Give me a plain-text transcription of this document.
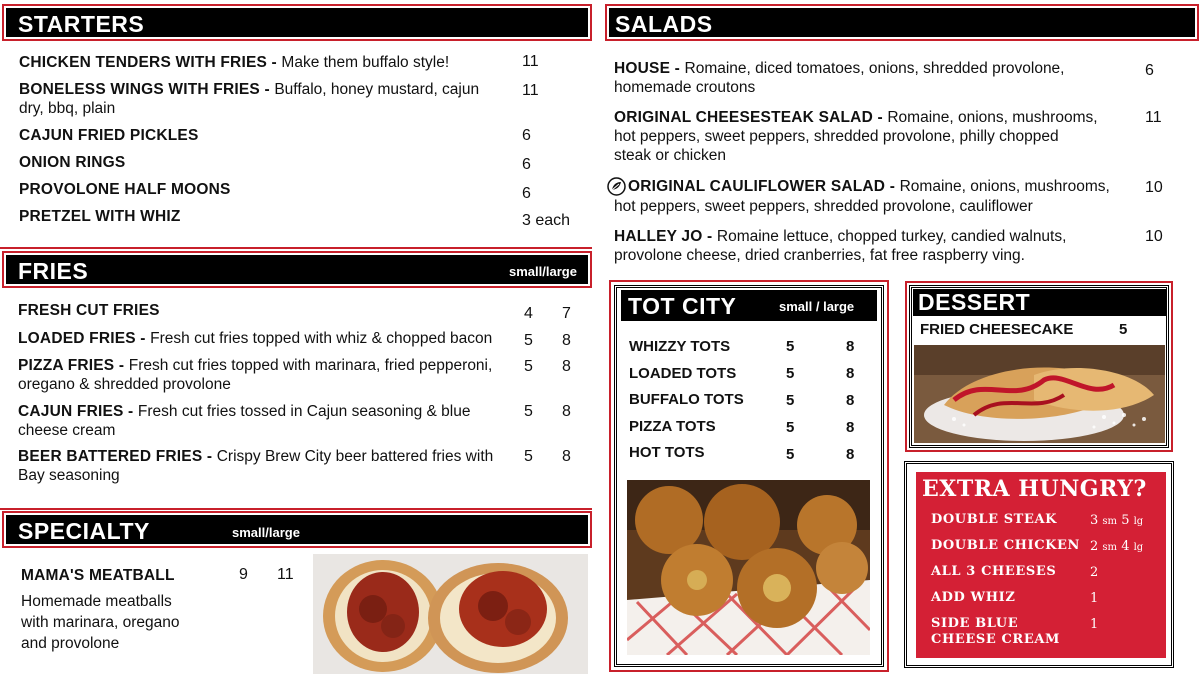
STARTERS
CHICKEN TENDERS WITH FRIES - Make them buffalo style!	11
BONELESS WINGS WITH FRIES - Buffalo, honey mustard, cajun
dry, bbq, plain
11
CAJUN FRIED PICKLES	6
ONION RINGS	6
PROVOLONE HALF MOONS	6
PRETZEL WITH WHIZ	3 each
FRIES	small/large
FRESH CUT FRIES	4 7
LOADED FRIES - Fresh cut fries topped with whiz & chopped bacon	5 8
PIZZA FRIES - Fresh cut fries topped with marinara, fried pepperoni,
oregano & shredded provolone
5 8
CAJUN FRIES - Fresh cut fries tossed in Cajun seasoning & blue
cheese cream
5 8
BEER BATTERED FRIES - Crispy Brew City beer battered fries with
Bay seasoning
5 8
SPECIALTY	small/large
MAMA'S MEATBALL
Homemade meatballs
with marinara, oregano
and provolone
9 11
SALADS
HOUSE - Romaine, diced tomatoes, onions, shredded provolone,
homemade croutons
6
ORIGINAL CHEESESTEAK SALAD - Romaine, onions, mushrooms,
hot peppers, sweet peppers, shredded provolone, philly chopped
steak or chicken
11
ORIGINAL CAULIFLOWER SALAD - Romaine, onions, mushrooms,
hot peppers, sweet peppers, shredded provolone, cauliflower
10
HALLEY JO - Romaine lettuce, chopped turkey, candied walnuts,
provolone cheese, dried cranberries, fat free raspberry ving.
10
TOT CITY	small / large
WHIZZY TOTS	5	8
LOADED TOTS	5	8
BUFFALO TOTS	5	8
PIZZA TOTS	5	8
HOT TOTS	5	8
DESSERT
FRIED CHEESECAKE	5
EXTRA HUNGRY?
DOUBLE STEAK	3 sm 5 lg
DOUBLE CHICKEN 2 sm 4 lg
ALL 3 CHEESES	2
ADD WHIZ	1
SIDE BLUE
CHEESE CREAM
1
